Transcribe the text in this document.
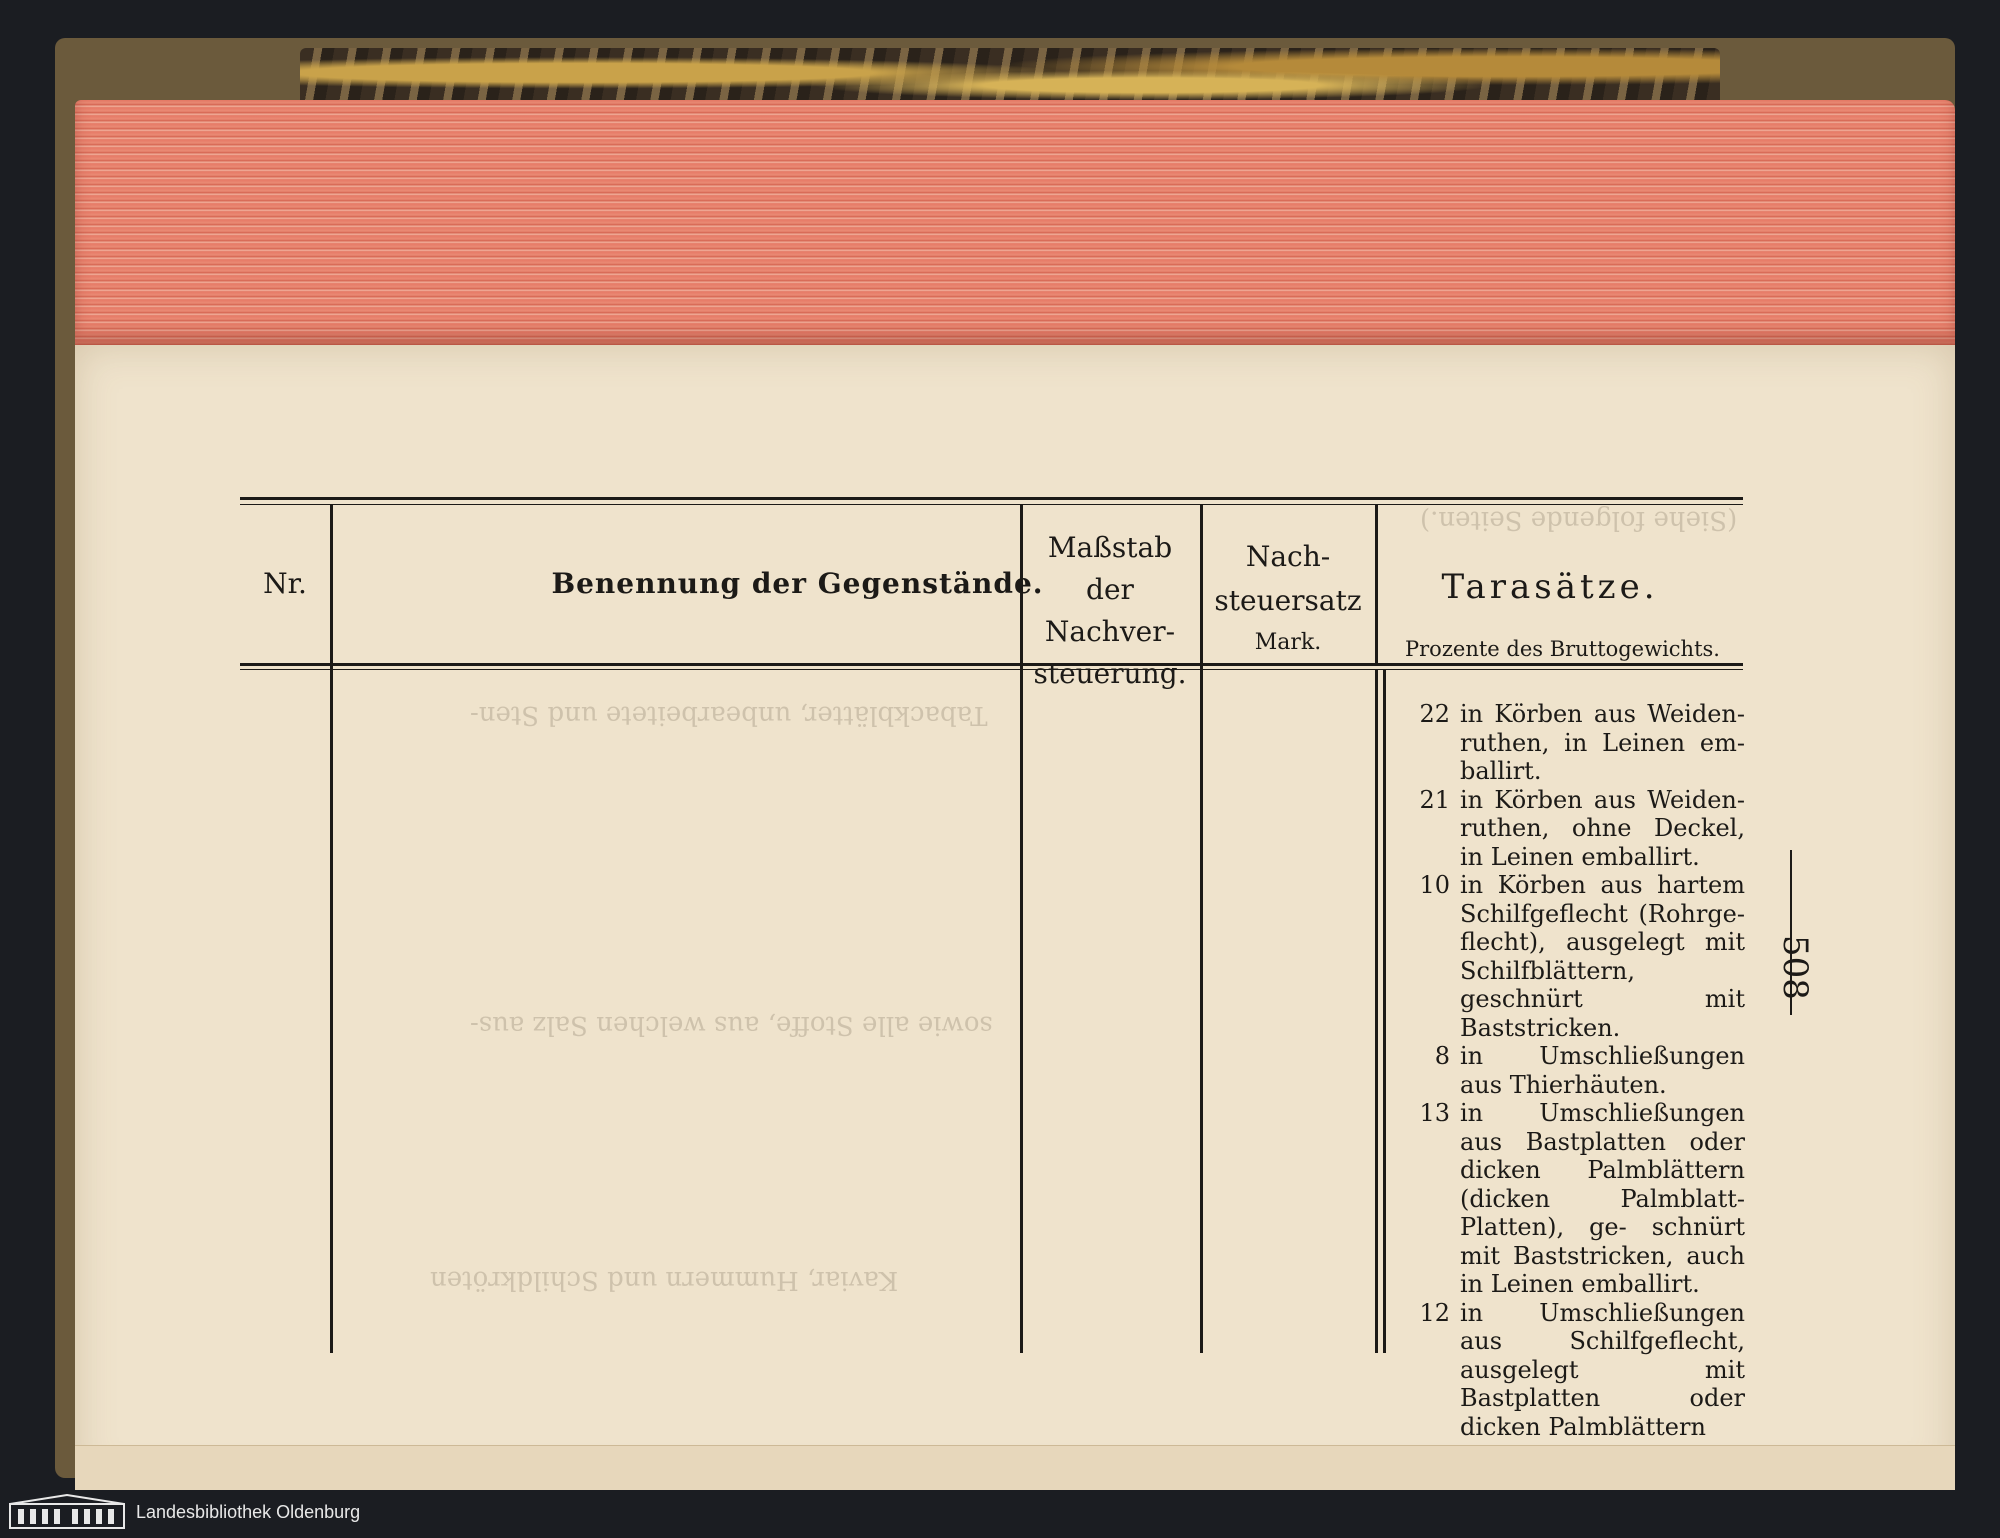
Tabackblätter, unbearbeitete und Sten-
sowie alle Stoffe, aus welchen Salz aus-
Kaviar, Hummern und Schildkröten
(Siehe folgende Seiten.)
Nr.	Benennung der Gegenstände.
Maßstab
der Nachver-
steuerung.
Nach-
steuersatz
Mark.
Tarasätze.
Prozente des Bruttogewichts.
22 in Körben aus Weiden- ruthen, in Leinen em- ballirt.
21 in Körben aus Weiden- ruthen, ohne Deckel, in Leinen emballirt.
10 in Körben aus hartem Schilfgeflecht (Rohrge- flecht), ausgelegt mit Schilfblättern, geschnürt mit Baststricken.
8 in Umschließungen aus Thierhäuten.
13 in Umschließungen aus Bastplatten oder dicken Palmblättern (dicken Palmblatt-Platten), ge- schnürt mit Baststricken, auch in Leinen emballirt.
12 in Umschließungen aus Schilfgeflecht, ausgelegt mit Bastplatten oder dicken Palmblättern
508
Landesbibliothek Oldenburg
